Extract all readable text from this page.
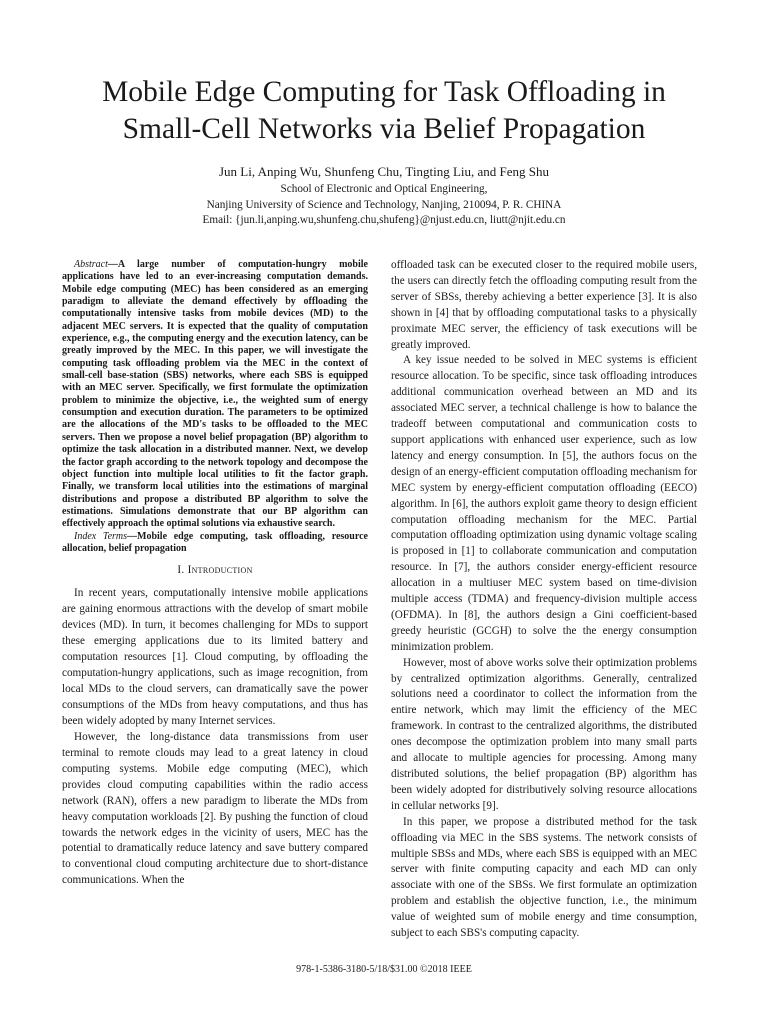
Mobile Edge Computing for Task Offloading in Small-Cell Networks via Belief Propagation
Jun Li, Anping Wu, Shunfeng Chu, Tingting Liu, and Feng Shu
School of Electronic and Optical Engineering,
Nanjing University of Science and Technology, Nanjing, 210094, P. R. CHINA
Email: {jun.li,anping.wu,shunfeng.chu,shufeng}@njust.edu.cn, liutt@njit.edu.cn

Abstract—A large number of computation-hungry mobile applications have led to an ever-increasing computation demands. Mobile edge computing (MEC) has been considered as an emerging paradigm to alleviate the demand effectively by offloading the computationally intensive tasks from mobile devices (MD) to the adjacent MEC servers. It is expected that the quality of computation experience, e.g., the computing energy and the execution latency, can be greatly improved by the MEC. In this paper, we will investigate the computing task offloading problem via the MEC in the context of small-cell base-station (SBS) networks, where each SBS is equipped with an MEC server. Specifically, we first formulate the optimization problem to minimize the objective, i.e., the weighted sum of energy consumption and execution duration. The parameters to be optimized are the allocations of the MD's tasks to be offloaded to the MEC servers. Then we propose a novel belief propagation (BP) algorithm to optimize the task allocation in a distributed manner. Next, we develop the factor graph according to the network topology and decompose the object function into multiple local utilities to fit the factor graph. Finally, we transform local utilities into the estimations of marginal distributions and propose a distributed BP algorithm to solve the estimations. Simulations demonstrate that our BP algorithm can effectively approach the optimal solutions via exhaustive search.

Index Terms—Mobile edge computing, task offloading, resource allocation, belief propagation

I. Introduction

In recent years, computationally intensive mobile applications are gaining enormous attractions with the develop of smart mobile devices (MD). In turn, it becomes challenging for MDs to support these emerging applications due to its limited battery and computation resources [1]. Cloud computing, by offloading the computation-hungry applications, such as image recognition, from local MDs to the cloud servers, can dramatically save the power consumptions of the MDs from heavy computations, and thus has been widely adopted by many Internet services.

However, the long-distance data transmissions from user terminal to remote clouds may lead to a great latency in cloud computing systems. Mobile edge computing (MEC), which provides cloud computing capabilities within the radio access network (RAN), offers a new paradigm to liberate the MDs from heavy computation workloads [2]. By pushing the function of cloud towards the network edges in the vicinity of users, MEC has the potential to dramatically reduce latency and save buttery compared to conventional cloud computing architecture due to short-distance communications. When the

offloaded task can be executed closer to the required mobile users, the users can directly fetch the offloading computing result from the server of SBSs, thereby achieving a better experience [3]. It is also shown in [4] that by offloading computational tasks to a physically proximate MEC server, the efficiency of task executions will be greatly improved.

A key issue needed to be solved in MEC systems is efficient resource allocation. To be specific, since task offloading introduces additional communication overhead between an MD and its associated MEC server, a technical challenge is how to balance the tradeoff between computational and communication costs to support applications with enhanced user experience, such as low latency and energy consumption. In [5], the authors focus on the design of an energy-efficient computation offloading mechanism for MEC system by energy-efficient computation offloading (EECO) algorithm. In [6], the authors exploit game theory to design efficient computation offloading mechanism for the MEC. Partial computation offloading optimization using dynamic voltage scaling is proposed in [1] to collaborate communication and computation resource. In [7], the authors consider energy-efficient resource allocation in a multiuser MEC system based on time-division multiple access (TDMA) and frequency-division multiple access (OFDMA). In [8], the authors design a Gini coefficient-based greedy heuristic (GCGH) to solve the the energy consumption minimization problem.

However, most of above works solve their optimization problems by centralized optimization algorithms. Generally, centralized solutions need a coordinator to collect the information from the entire network, which may limit the efficiency of the MEC framework. In contrast to the centralized algorithms, the distributed ones decompose the optimization problem into many small parts and allocate to multiple agencies for processing. Among many distributed solutions, the belief propagation (BP) algorithm has been widely adopted for distributively solving resource allocations in cellular networks [9].

In this paper, we propose a distributed method for the task offloading via MEC in the SBS systems. The network consists of multiple SBSs and MDs, where each SBS is equipped with an MEC server with finite computing capacity and each MD can only associate with one of the SBSs. We first formulate an optimization problem and establish the objective function, i.e., the minimum value of weighted sum of mobile energy and time consumption, subject to each SBS's computing capacity.

978-1-5386-3180-5/18/$31.00 ©2018 IEEE
